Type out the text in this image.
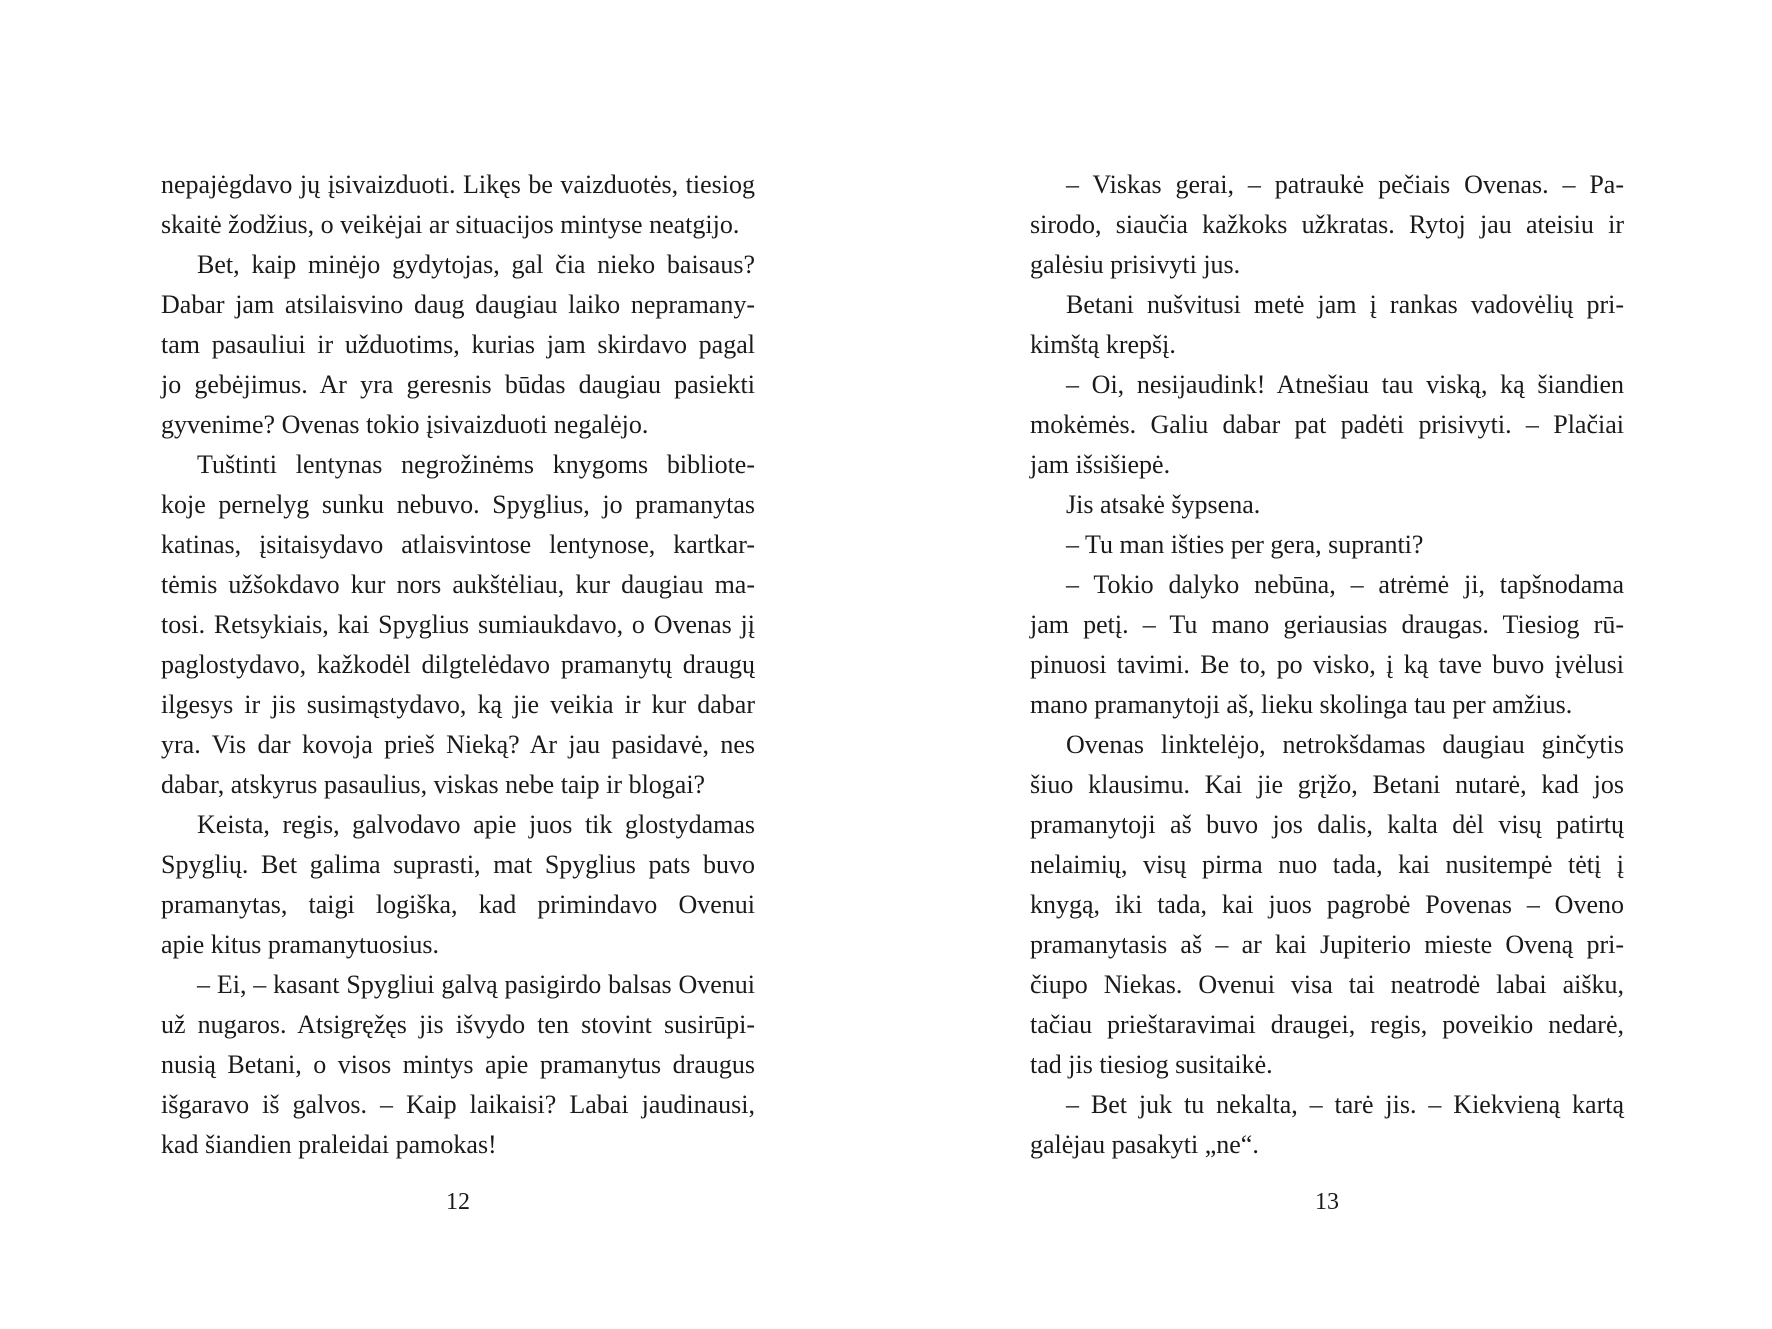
nepajėgdavo jų įsivaizduoti. Likęs be vaizduotės, tiesiog
skaitė žodžius, o veikėjai ar situacijos mintyse neatgijo.
Bet, kaip minėjo gydytojas, gal čia nieko baisaus?
Dabar jam atsilaisvino daug daugiau laiko nepramany-
tam pasauliui ir užduotims, kurias jam skirdavo pagal
jo gebėjimus. Ar yra geresnis būdas daugiau pasiekti
gyvenime? Ovenas tokio įsivaizduoti negalėjo.
Tuštinti lentynas negrožinėms knygoms bibliote-
koje pernelyg sunku nebuvo. Spyglius, jo pramanytas
katinas, įsitaisydavo atlaisvintose lentynose, kartkar-
tėmis užšokdavo kur nors aukštėliau, kur daugiau ma-
tosi. Retsykiais, kai Spyglius sumiaukdavo, o Ovenas jį
paglostydavo, kažkodėl dilgtelėdavo pramanytų draugų
ilgesys ir jis susimąstydavo, ką jie veikia ir kur dabar
yra. Vis dar kovoja prieš Nieką? Ar jau pasidavė, nes
dabar, atskyrus pasaulius, viskas nebe taip ir blogai?
Keista, regis, galvodavo apie juos tik glostydamas
Spyglių. Bet galima suprasti, mat Spyglius pats buvo
pramanytas, taigi logiška, kad primindavo Ovenui
apie kitus pramanytuosius.
– Ei, – kasant Spygliui galvą pasigirdo balsas Ovenui
už nugaros. Atsigręžęs jis išvydo ten stovint susirūpi-
nusią Betani, o visos mintys apie pramanytus draugus
išgaravo iš galvos. – Kaip laikaisi? Labai jaudinausi,
kad šiandien praleidai pamokas!
12
– Viskas gerai, – patraukė pečiais Ovenas. – Pa-
sirodo, siaučia kažkoks užkratas. Rytoj jau ateisiu ir
galėsiu prisivyti jus.
Betani nušvitusi metė jam į rankas vadovėlių pri-
kimštą krepšį.
– Oi, nesijaudink! Atnešiau tau viską, ką šiandien
mokėmės. Galiu dabar pat padėti prisivyti. – Plačiai
jam išsišiepė.
Jis atsakė šypsena.
– Tu man išties per gera, supranti?
– Tokio dalyko nebūna, – atrėmė ji, tapšnodama
jam petį. – Tu mano geriausias draugas. Tiesiog rū-
pinuosi tavimi. Be to, po visko, į ką tave buvo įvėlusi
mano pramanytoji aš, lieku skolinga tau per amžius.
Ovenas linktelėjo, netrokšdamas daugiau ginčytis
šiuo klausimu. Kai jie grįžo, Betani nutarė, kad jos
pramanytoji aš buvo jos dalis, kalta dėl visų patirtų
nelaimių, visų pirma nuo tada, kai nusitempė tėtį į
knygą, iki tada, kai juos pagrobė Povenas – Oveno
pramanytasis aš – ar kai Jupiterio mieste Oveną pri-
čiupo Niekas. Ovenui visa tai neatrodė labai aišku,
tačiau prieštaravimai draugei, regis, poveikio nedarė,
tad jis tiesiog susitaikė.
– Bet juk tu nekalta, – tarė jis. – Kiekvieną kartą
galėjau pasakyti „ne“.
13
